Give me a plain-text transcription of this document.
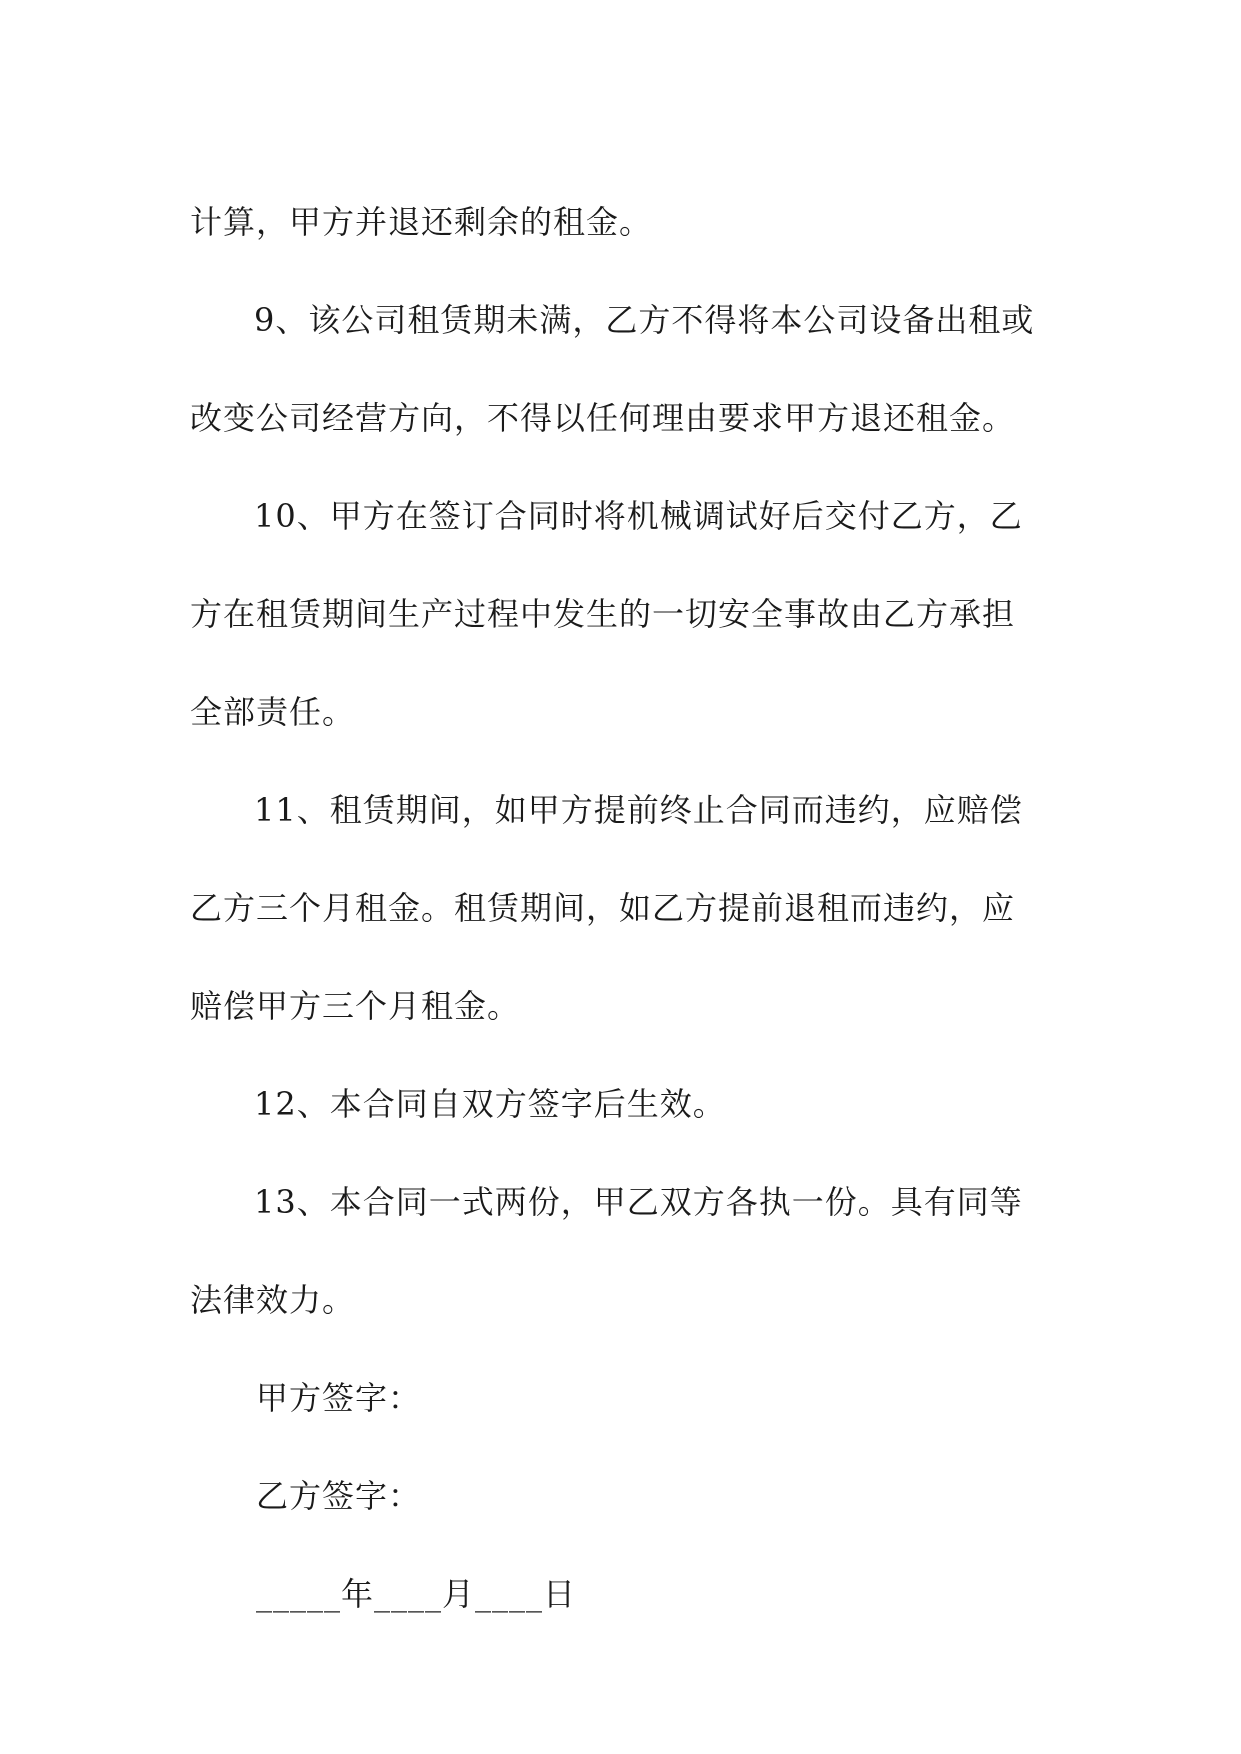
计算，甲方并退还剩余的租金。

9、该公司租赁期未满，乙方不得将本公司设备出租或改变公司经营方向，不得以任何理由要求甲方退还租金。

10、甲方在签订合同时将机械调试好后交付乙方，乙方在租赁期间生产过程中发生的一切安全事故由乙方承担全部责任。

11、租赁期间，如甲方提前终止合同而违约，应赔偿乙方三个月租金。租赁期间，如乙方提前退租而违约，应赔偿甲方三个月租金。

12、本合同自双方签字后生效。

13、本合同一式两份，甲乙双方各执一份。具有同等法律效力。

甲方签字：

乙方签字：

_____年____月____日
